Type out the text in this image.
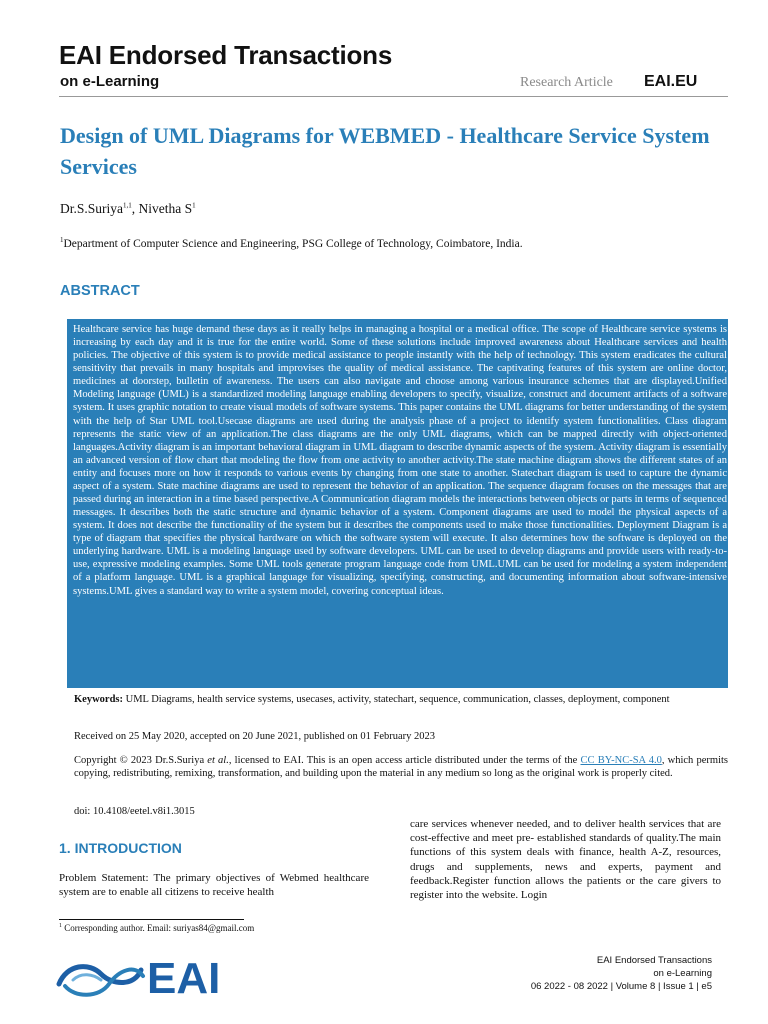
EAI Endorsed Transactions
on e-Learning	Research Article EAI.EU
Design of UML Diagrams for WEBMED - Healthcare Service System Services
Dr.S.Suriya$^{1,1}$, Nivetha $S^1$
$^1$Department of Computer Science and Engineering, PSG College of Technology, Coimbatore, India.
ABSTRACT
Healthcare service has huge demand these days as it really helps in managing a hospital or a medical office. The scope of Healthcare service systems is increasing by each day and it is true for the entire world. Some of these solutions include improved awareness about Healthcare services and health policies. The objective of this system is to provide medical assistance to people instantly with the help of technology. This system eradicates the cultural sensitivity that prevails in many hospitals and improvises the quality of medical assistance. The captivating features of this system are online doctor, medicines at doorstep, bulletin of awareness. The users can also navigate and choose among various insurance schemes that are displayed.Unified Modeling language (UML) is a standardized modeling language enabling developers to specify, visualize, construct and document artifacts of a software system. It uses graphic notation to create visual models of software systems. This paper contains the UML diagrams for better understanding of the system with the help of Star UML tool.Usecase diagrams are used during the analysis phase of a project to identify system functionalities. Class diagram represents the static view of an application.The class diagrams are the only UML diagrams, which can be mapped directly with object-oriented languages.Activity diagram is an important behavioral diagram in UML diagram to describe dynamic aspects of the system. Activity diagram is essentially an advanced version of flow chart that modeling the flow from one activity to another activity.The state machine diagram shows the different states of an entity and focuses more on how it responds to various events by changing from one state to another. Statechart diagram is used to capture the dynamic aspect of a system. State machine diagrams are used to represent the behavior of an application. The sequence diagram focuses on the messages that are passed during an interaction in a time based perspective.A Communication diagram models the interactions between objects or parts in terms of sequenced messages. It describes both the static structure and dynamic behavior of a system. Component diagrams are used to model the physical aspects of a system. It does not describe the functionality of the system but it describes the components used to make those functionalities. Deployment Diagram is a type of diagram that specifies the physical hardware on which the software system will execute. It also determines how the software is deployed on the underlying hardware. UML is a modeling language used by software developers. UML can be used to develop diagrams and provide users with ready-to-use, expressive modeling examples. Some UML tools generate program language code from UML.UML can be used for modeling a system independent of a platform language. UML is a graphical language for visualizing, specifying, constructing, and documenting information about software-intensive systems.UML gives a standard way to write a system model, covering conceptual ideas.
Keywords: UML Diagrams, health service systems, usecases, activity, statechart, sequence, communication, classes, deployment, component
Received on 25 May 2020, accepted on 20 June 2021, published on 01 February 2023
Copyright © 2023 Dr.S.Suriya et al., licensed to EAI. This is an open access article distributed under the terms of the CC BY-NC-SA 4.0, which permits copying, redistributing, remixing, transformation, and building upon the material in any medium so long as the original work is properly cited.
doi: 10.4108/eetel.v8i1.3015
1. INTRODUCTION
Problem Statement: The primary objectives of Webmed healthcare system are to enable all citizens to receive health
care services whenever needed, and to deliver health services that are cost-effective and meet pre- established standards of quality.The main functions of this system deals with finance, health A-Z, resources, drugs and supplements, news and experts, payment and feedback.Register function allows the patients or the care givers to register into the website. Login
$^1$ Corresponding author. Email: suriyas84@gmail.com
EAI	EAI Endorsed Transactions
on e-Learning
06 2022 - 08 2022 | Volume 8 | Issue 1 | e5
